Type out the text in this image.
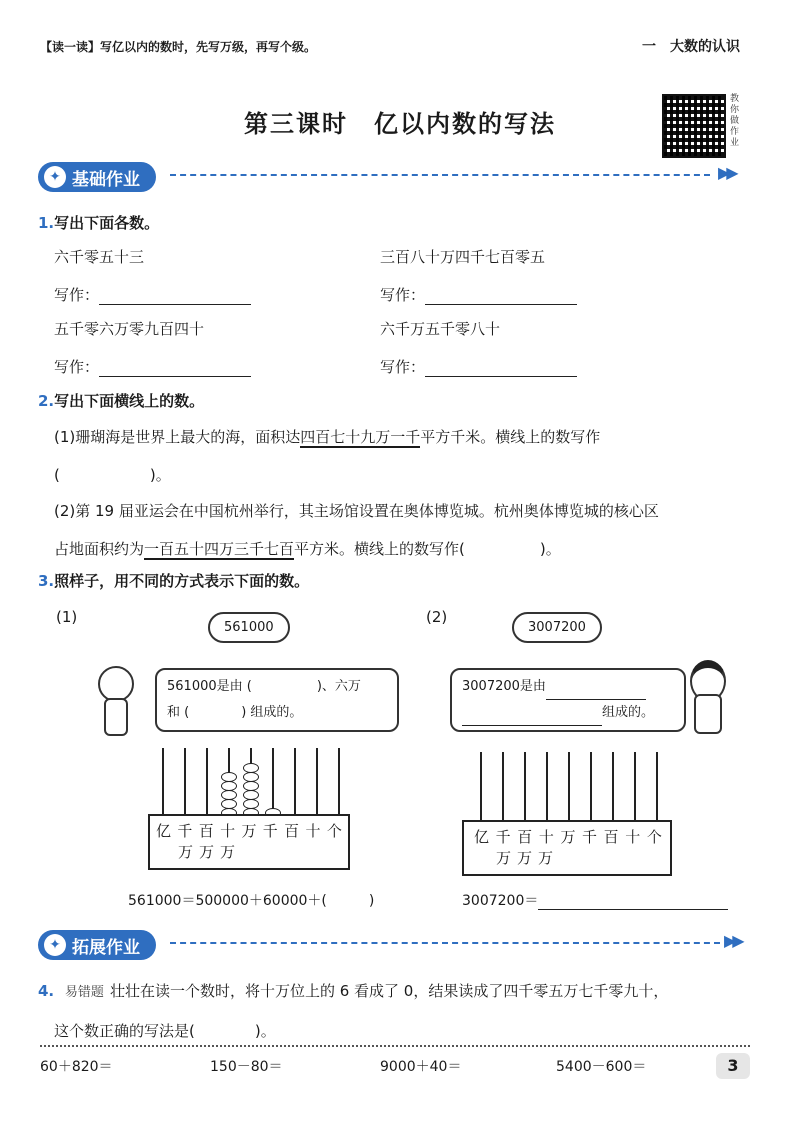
【读一读】写亿以内的数时，先写万级，再写个级。	一　大数的认识
第三课时　亿以内数的写法
教你做作业
✦ 基础作业	▶▶
1.写出下面各数。
六千零五十三	三百八十万四千七百零五
写作：	写作：
五千零六万零九百四十	六千万五千零八十
写作：	写作：
2.写出下面横线上的数。
(1)珊瑚海是世界上最大的海，面积达四百七十九万一千平方千米。横线上的数写作
(　　　　　　)。
(2)第 19 届亚运会在中国杭州举行，其主场馆设置在奥体博览城。杭州奥体博览城的核心区
占地面积约为一百五十四万三千七百平方米。横线上的数写作(　　　　　)。
3.照样子，用不同的方式表示下面的数。
(1)
561000
561000是由 (　　　　　)、六万
和 (　　　　) 组成的。
亿 千 百 十 万 千 百 十 个
万万万
561000＝500000＋60000＋(　　　)
(2)
3007200
3007200是由
组成的。
亿 千 百 十 万 千 百 十 个
万万万
3007200＝
✦ 拓展作业	▶▶
4. 易错题 壮壮在读一个数时，将十万位上的 6 看成了 0，结果读成了四千零五万七千零九十，
这个数正确的写法是(　　　　)。
60＋820＝	150－80＝	9000＋40＝	5400－600＝	3
